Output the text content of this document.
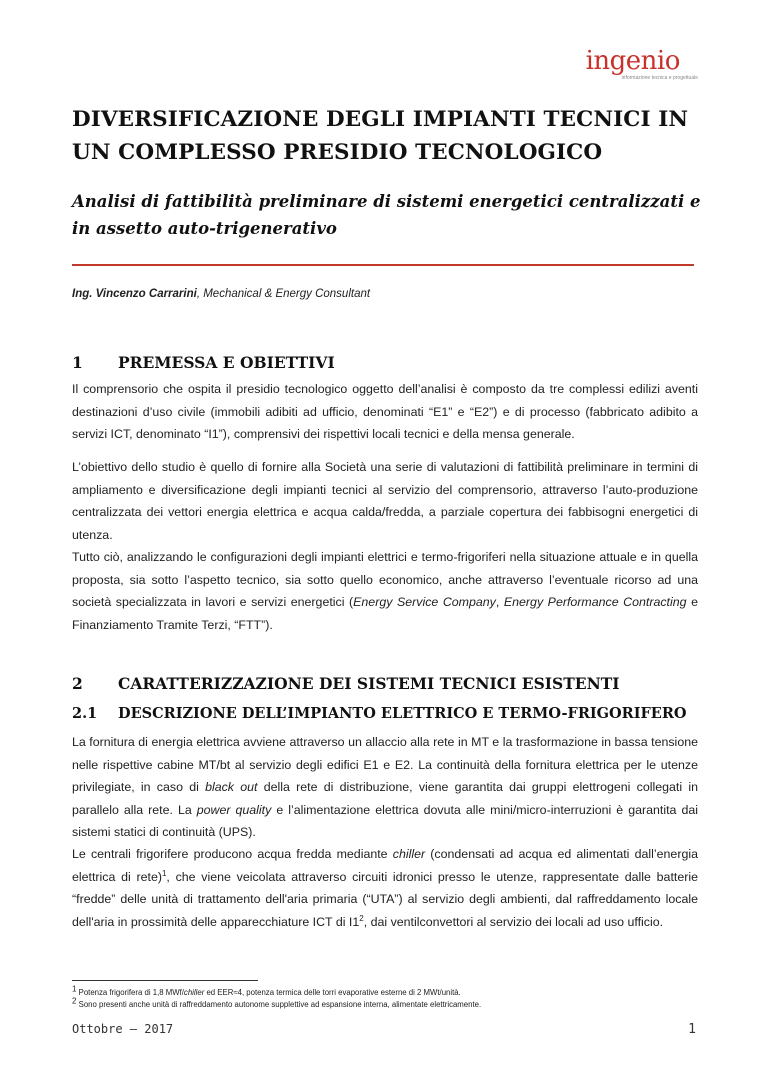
ingenio
informazione tecnica e progettuale
DIVERSIFICAZIONE DEGLI IMPIANTI TECNICI IN UN COMPLESSO PRESIDIO TECNOLOGICO
Analisi di fattibilità preliminare di sistemi energetici centralizzati e in assetto auto-trigenerativo
Ing. Vincenzo Carrarini, Mechanical & Energy Consultant
1 PREMESSA E OBIETTIVI
Il comprensorio che ospita il presidio tecnologico oggetto dell’analisi è composto da tre complessi edilizi aventi destinazioni d’uso civile (immobili adibiti ad ufficio, denominati “E1” e “E2”) e di processo (fabbricato adibito a servizi ICT, denominato “I1”), comprensivi dei rispettivi locali tecnici e della mensa generale.
L’obiettivo dello studio è quello di fornire alla Società una serie di valutazioni di fattibilità preliminare in termini di ampliamento e diversificazione degli impianti tecnici al servizio del comprensorio, attraverso l’auto-produzione centralizzata dei vettori energia elettrica e acqua calda/fredda, a parziale copertura dei fabbisogni energetici di utenza.
Tutto ciò, analizzando le configurazioni degli impianti elettrici e termo-frigoriferi nella situazione attuale e in quella proposta, sia sotto l’aspetto tecnico, sia sotto quello economico, anche attraverso l’eventuale ricorso ad una società specializzata in lavori e servizi energetici (Energy Service Company, Energy Performance Contracting e Finanziamento Tramite Terzi, “FTT”).
2 CARATTERIZZAZIONE DEI SISTEMI TECNICI ESISTENTI
2.1 DESCRIZIONE DELL’IMPIANTO ELETTRICO E TERMO-FRIGORIFERO
La fornitura di energia elettrica avviene attraverso un allaccio alla rete in MT e la trasformazione in bassa tensione nelle rispettive cabine MT/bt al servizio degli edifici E1 e E2. La continuità della fornitura elettrica per le utenze privilegiate, in caso di black out della rete di distribuzione, viene garantita dai gruppi elettrogeni collegati in parallelo alla rete. La power quality e l’alimentazione elettrica dovuta alle mini/micro-interruzioni è garantita dai sistemi statici di continuità (UPS).
Le centrali frigorifere producono acqua fredda mediante chiller (condensati ad acqua ed alimentati dall’energia elettrica di rete)$^1$, che viene veicolata attraverso circuiti idronici presso le utenze, rappresentate dalle batterie “fredde” delle unità di trattamento dell'aria primaria (“UTA”) al servizio degli ambienti, dal raffreddamento locale dell'aria in prossimità delle apparecchiature ICT di $I1^2$, dai ventilconvettori al servizio dei locali ad uso ufficio.
$^1$ Potenza frigorifera di 1,8 MWf/chiller ed EER≈4, potenza termica delle torri evaporative esterne di 2 MWt/unità.
$^2$ Sono presenti anche unità di raffreddamento autonome supplettive ad espansione interna, alimentate elettricamente.
Ottobre – 2017	1
